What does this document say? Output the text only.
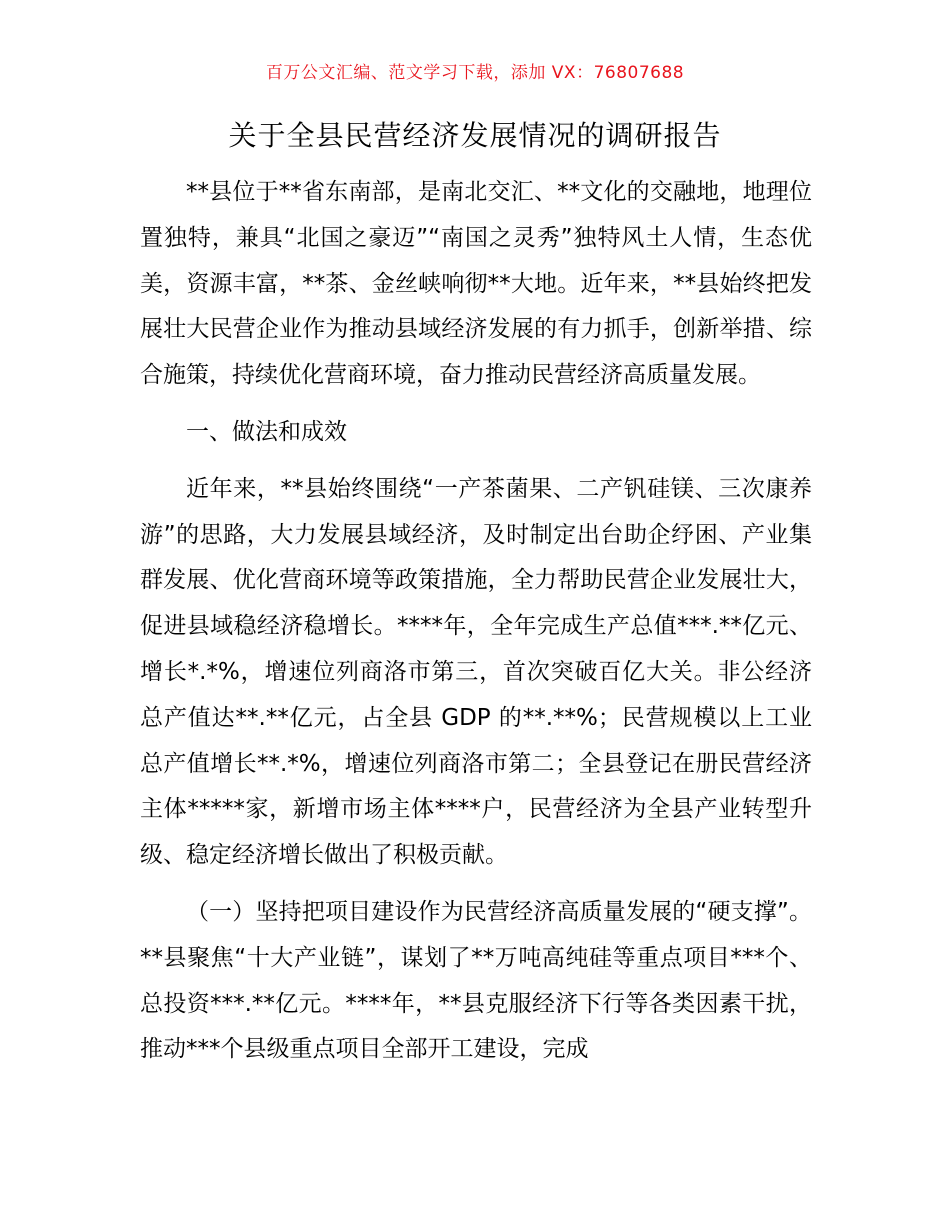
百万公文汇编、范文学习下载，添加 VX：76807688
关于全县民营经济发展情况的调研报告

**县位于**省东南部，是南北交汇、**文化的交融地，地理位置独特，兼具“北国之豪迈”“南国之灵秀”独特风土人情，生态优美，资源丰富，**茶、金丝峡响彻**大地。近年来，**县始终把发展壮大民营企业作为推动县域经济发展的有力抓手，创新举措、综合施策，持续优化营商环境，奋力推动民营经济高质量发展。

一、做法和成效

近年来，**县始终围绕“一产茶菌果、二产钒硅镁、三次康养游”的思路，大力发展县域经济，及时制定出台助企纾困、产业集群发展、优化营商环境等政策措施，全力帮助民营企业发展壮大，促进县域稳经济稳增长。****年，全年完成生产总值***.**亿元、增长*.*%，增速位列商洛市第三，首次突破百亿大关。非公经济总产值达**.**亿元，占全县 GDP 的**.**%；民营规模以上工业总产值增长**.*%，增速位列商洛市第二；全县登记在册民营经济主体*****家，新增市场主体****户，民营经济为全县产业转型升级、稳定经济增长做出了积极贡献。

（一）坚持把项目建设作为民营经济高质量发展的“硬支撑”。**县聚焦“十大产业链”，谋划了**万吨高纯硅等重点项目***个、总投资***.**亿元。****年，**县克服经济下行等各类因素干扰，推动***个县级重点项目全部开工建设，完成
